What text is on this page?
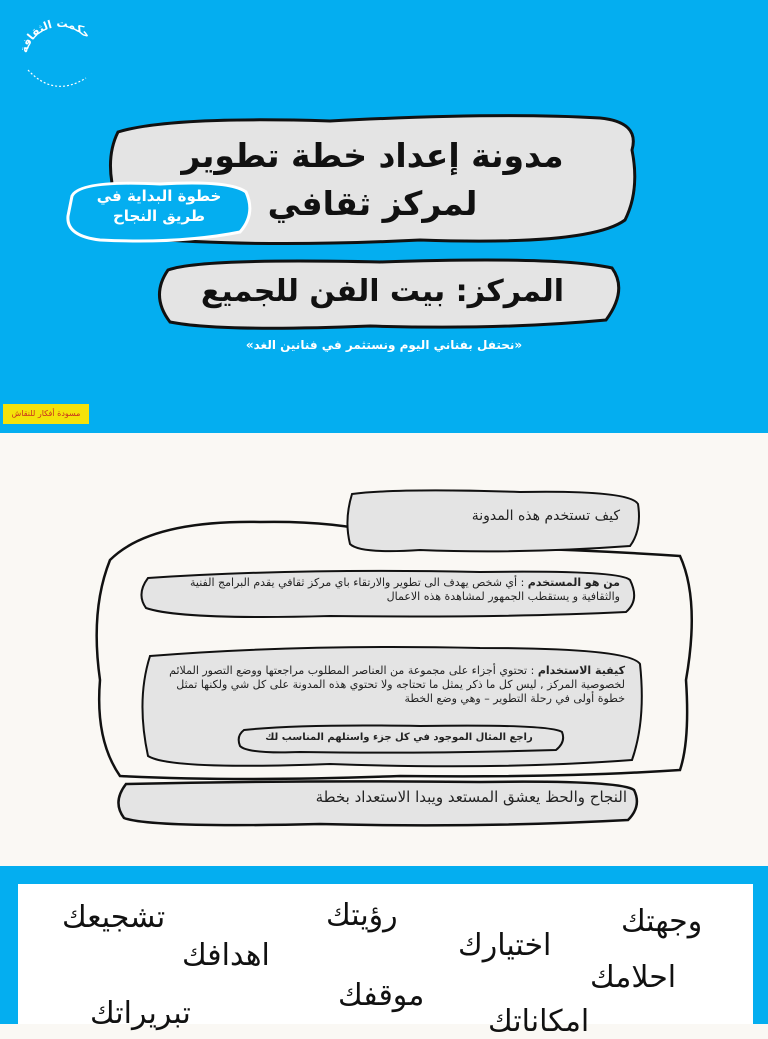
حكمت الثقافة
مدونة إعداد خطة تطوير
لمركز ثقافي
خطوة البداية في
طريق النجاح
المركز: بيت الفن للجميع
«نحتفل بفناني اليوم ونستثمر في فنانين الغد»
مسودة أفكار للنقاش
كيف تستخدم هذه المدونة
من هو المستخدم : أي شخص يهدف الى تطوير والارتقاء باي مركز ثقافي يقدم البرامج الفنية والثقافية و يستقطب الجمهور لمشاهدة هذه الاعمال
كيفية الاستخدام : تحتوي أجزاء على مجموعة من العناصر المطلوب مراجعتها ووضع التصور الملائم لخصوصية المركز , ليس كل ما ذكر يمثل ما تحتاجه ولا تحتوي هذه المدونة على كل شي ولكنها تمثل خطوة أولى في رحلة التطوير – وهي وضع الخطة
راجع المثال الموجود في كل جزء واستلهم المناسب لك
النجاح والحظ يعشق المستعد ويبدا الاستعداد بخطة
وجهتك
رؤيتك
تشجيعك
اختيارك
اهدافك
احلامك
موقفك
تبريراتك	امكاناتك
